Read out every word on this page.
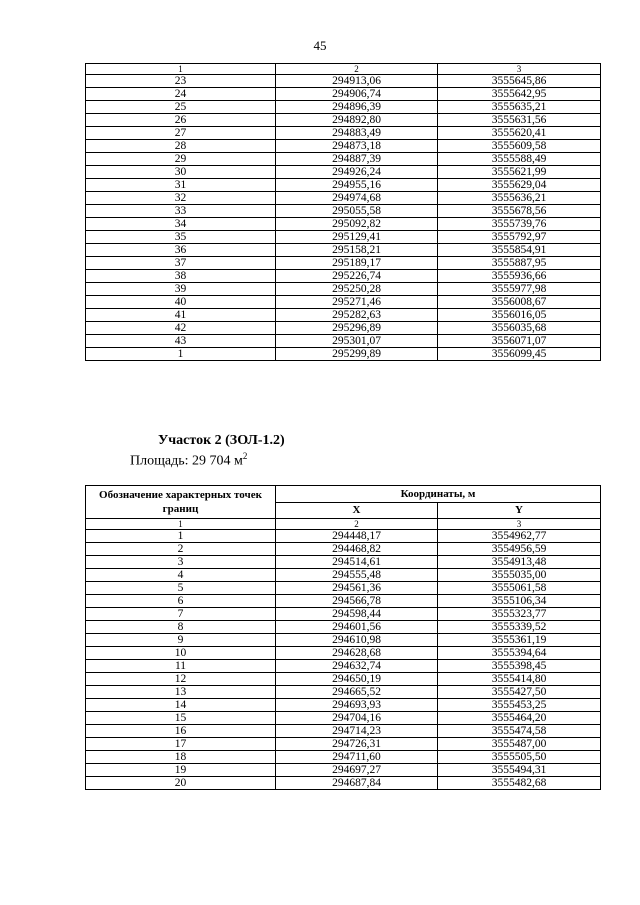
45
1	2	3
23	294913,06	3555645,86
24	294906,74	3555642,95
25	294896,39	3555635,21
26	294892,80	3555631,56
27	294883,49	3555620,41
28	294873,18	3555609,58
29	294887,39	3555588,49
30	294926,24	3555621,99
31	294955,16	3555629,04
32	294974,68	3555636,21
33	295055,58	3555678,56
34	295092,82	3555739,76
35	295129,41	3555792,97
36	295158,21	3555854,91
37	295189,17	3555887,95
38	295226,74	3555936,66
39	295250,28	3555977,98
40	295271,46	3556008,67
41	295282,63	3556016,05
42	295296,89	3556035,68
43	295301,07	3556071,07
1	295299,89	3556099,45
Участок 2 (ЗОЛ-1.2)
Площадь: 29 704 $м^2$
Обозначение характерных точек границ	Координаты, м	
	X	Y
1	2	3
1	294448,17	3554962,77
2	294468,82	3554956,59
3	294514,61	3554913,48
4	294555,48	3555035,00
5	294561,36	3555061,58
6	294566,78	3555106,34
7	294598,44	3555323,77
8	294601,56	3555339,52
9	294610,98	3555361,19
10	294628,68	3555394,64
11	294632,74	3555398,45
12	294650,19	3555414,80
13	294665,52	3555427,50
14	294693,93	3555453,25
15	294704,16	3555464,20
16	294714,23	3555474,58
17	294726,31	3555487,00
18	294711,60	3555505,50
19	294697,27	3555494,31
20	294687,84	3555482,68
